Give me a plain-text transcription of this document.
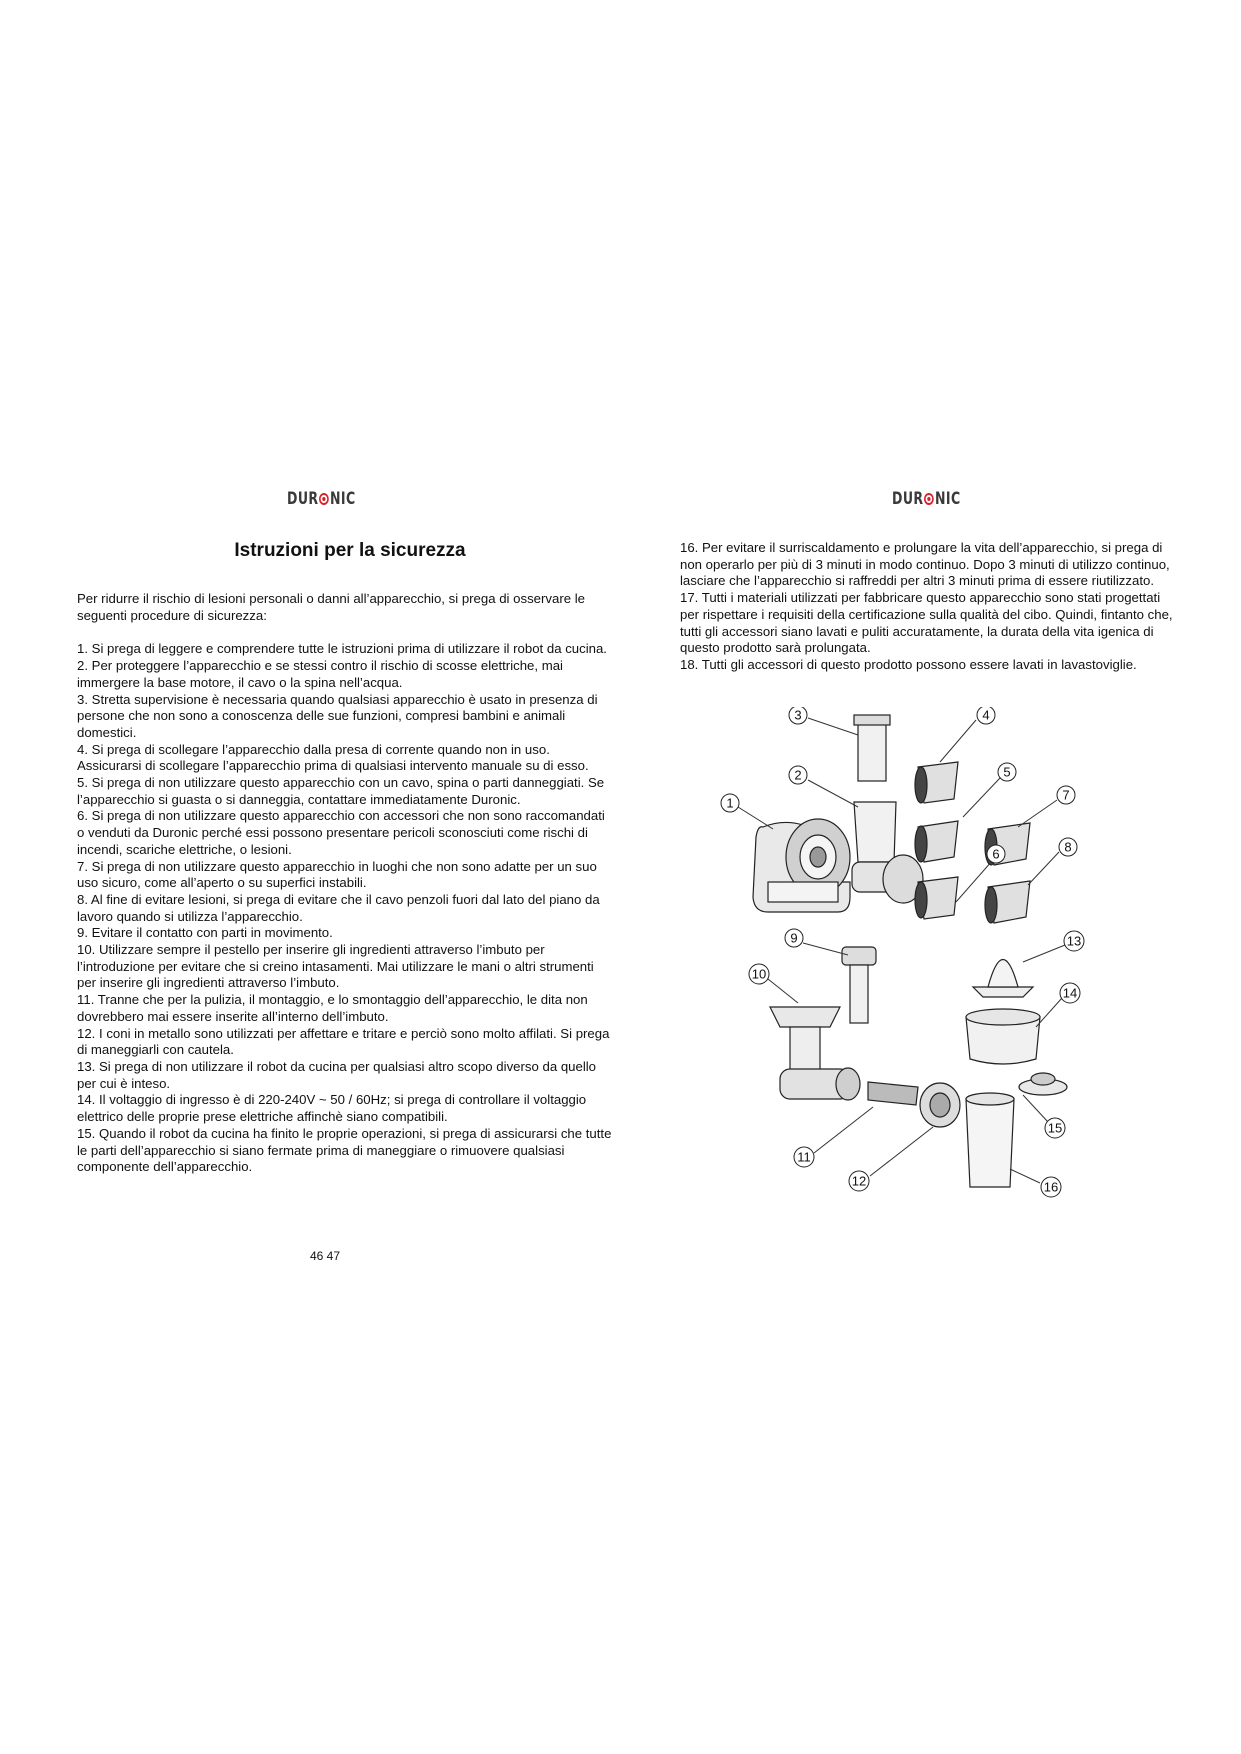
DUR NIC	DUR NIC
Istruzioni per la sicurezza

Per ridurre il rischio di lesioni personali o danni all’apparecchio, si prega di osservare le seguenti procedure di sicurezza:

1. Si prega di leggere e comprendere tutte le istruzioni prima di utilizzare il robot da cucina.

2. Per proteggere l’apparecchio e se stessi contro il rischio di scosse elettriche, mai immergere la base motore, il cavo o la spina nell’acqua.

3. Stretta supervisione è necessaria quando qualsiasi apparecchio è usato in presenza di persone che non sono a conoscenza delle sue funzioni, compresi bambini e animali domestici.

4. Si prega di scollegare l’apparecchio dalla presa di corrente quando non in uso. Assicurarsi di scollegare l’apparecchio prima di qualsiasi intervento manuale su di esso.

5. Si prega di non utilizzare questo apparecchio con un cavo, spina o parti danneggiati. Se l’apparecchio si guasta o si danneggia, contattare immediatamente Duronic.

6. Si prega di non utilizzare questo apparecchio con accessori che non sono raccomandati o venduti da Duronic perché essi possono presentare pericoli sconosciuti come rischi di incendi, scariche elettriche, o lesioni.

7. Si prega di non utilizzare questo apparecchio in luoghi che non sono adatte per un suo uso sicuro, come all’aperto o su superfici instabili.

8. Al fine di evitare lesioni, si prega di evitare che il cavo penzoli fuori dal lato del piano da lavoro quando si utilizza l’apparecchio.

9. Evitare il contatto con parti in movimento.

10. Utilizzare sempre il pestello per inserire gli ingredienti attraverso l’imbuto per l’introduzione per evitare che si creino intasamenti. Mai utilizzare le mani o altri strumenti per inserire gli ingredienti attraverso l’imbuto.

11. Tranne che per la pulizia, il montaggio, e lo smontaggio dell’apparecchio, le dita non dovrebbero mai essere inserite all’interno dell’imbuto.

12. I coni in metallo sono utilizzati per affettare e tritare e perciò sono molto affilati. Si prega di maneggiarli con cautela.

13. Si prega di non utilizzare il robot da cucina per qualsiasi altro scopo diverso da quello per cui è inteso.

14. Il voltaggio di ingresso è di 220-240V ~ 50 / 60Hz; si prega di controllare il voltaggio elettrico delle proprie prese elettriche affinchè siano compatibili.

15. Quando il robot da cucina ha finito le proprie operazioni, si prega di assicurarsi che tutte le parti dell’apparecchio si siano fermate prima di maneggiare o rimuovere qualsiasi componente dell’apparecchio.

16. Per evitare il surriscaldamento e prolungare la vita dell’apparecchio, si prega di non operarlo per più di 3 minuti in modo continuo. Dopo 3 minuti di utilizzo continuo, lasciare che l’apparecchio si raffreddi per altri 3 minuti prima di essere riutilizzato.

17. Tutti i materiali utilizzati per fabbricare questo apparecchio sono stati progettati per rispettare i requisiti della certificazione sulla qualità del cibo. Quindi, fintanto che, tutti gli accessori siano lavati e puliti accuratamente, la durata della vita igenica di questo prodotto sarà prolungata.

18. Tutti gli accessori di questo prodotto possono essere lavati in lavastoviglie.

1
2
3	4
5
6
7
8
9
10
11
12
13
14
15
16
46 47
